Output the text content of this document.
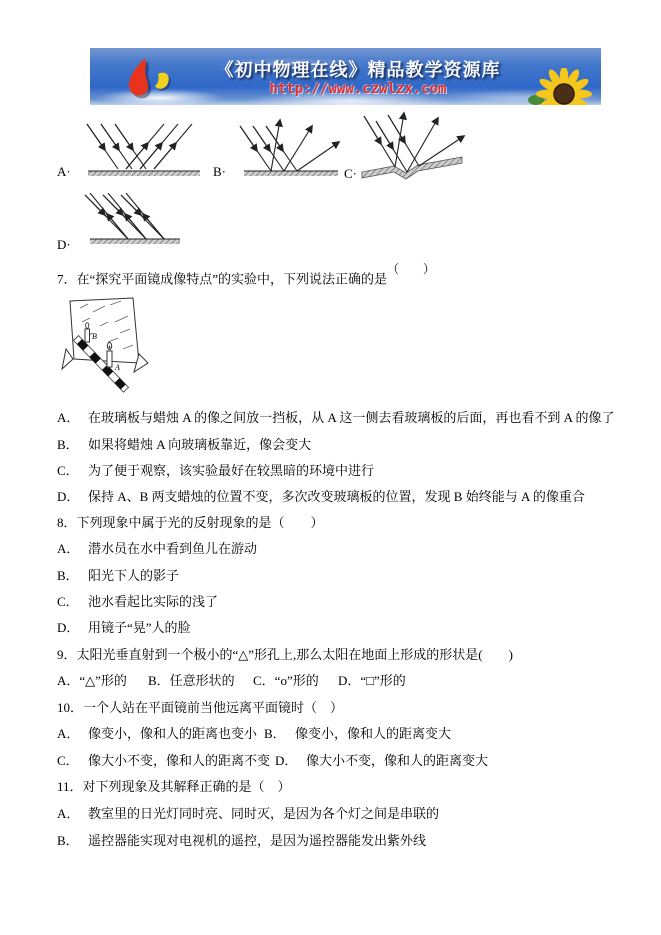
《初中物理在线》精品教学资源库
http://www.czwlzx.com
A·	B·	C·
D·
7．在“探究平面镜成像特点”的实验中，下列说法正确的是（　　）
B
A
A． 在玻璃板与蜡烛 A 的像之间放一挡板，从 A 这一侧去看玻璃板的后面，再也看不到 A 的像了
B． 如果将蜡烛 A 向玻璃板靠近，像会变大
C． 为了便于观察，该实验最好在较黑暗的环境中进行
D． 保持 A、B 两支蜡烛的位置不变，多次改变玻璃板的位置，发现 B 始终能与 A 的像重合
8．下列现象中属于光的反射现象的是（　　）
A． 潜水员在水中看到鱼儿在游动
B． 阳光下人的影子
C． 池水看起比实际的浅了
D． 用镜子“晃”人的脸
9．太阳光垂直射到一个极小的“△”形孔上,那么太阳在地面上形成的形状是(　　)
A．“△”形的 B．任意形状的 C．“o”形的 D．“□”形的
10．一个人站在平面镜前当他远离平面镜时（　）
A． 像变小，像和人的距离也变小 B． 像变小，像和人的距离变大
C． 像大小不变，像和人的距离不变 D． 像大小不变，像和人的距离变大
11．对下列现象及其解释正确的是（　）
A． 教室里的日光灯同时亮、同时灭，是因为各个灯之间是串联的
B． 遥控器能实现对电视机的遥控，是因为遥控器能发出紫外线
